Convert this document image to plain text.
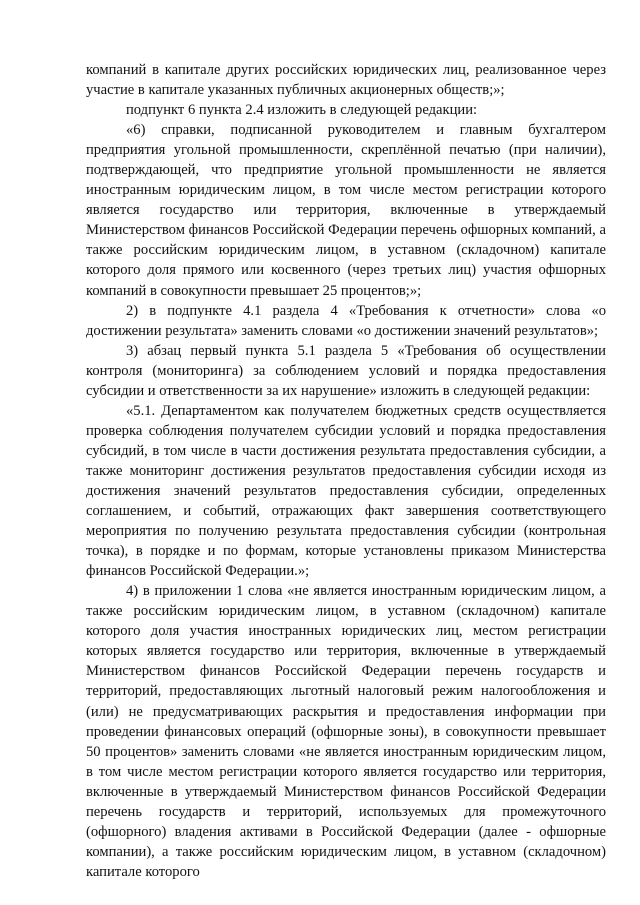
компаний в капитале других российских юридических лиц, реализованное через участие в капитале указанных публичных акционерных обществ;»;

подпункт 6 пункта 2.4 изложить в следующей редакции:

«6) справки, подписанной руководителем и главным бухгалтером предприятия угольной промышленности, скреплённой печатью (при наличии), подтверждающей, что предприятие угольной промышленности не является иностранным юридическим лицом, в том числе местом регистрации которого является государство или территория, включенные в утверждаемый Министерством финансов Российской Федерации перечень офшорных компаний, а также российским юридическим лицом, в уставном (складочном) капитале которого доля прямого или косвенного (через третьих лиц) участия офшорных компаний в совокупности превышает 25 процентов;»;

2) в подпункте 4.1 раздела 4 «Требования к отчетности» слова «о достижении результата» заменить словами «о достижении значений результатов»;

3) абзац первый пункта 5.1 раздела 5 «Требования об осуществлении контроля (мониторинга) за соблюдением условий и порядка предоставления субсидии и ответственности за их нарушение» изложить в следующей редакции:

«5.1. Департаментом как получателем бюджетных средств осуществляется проверка соблюдения получателем субсидии условий и порядка предоставления субсидий, в том числе в части достижения результата предоставления субсидии, а также мониторинг достижения результатов предоставления субсидии исходя из достижения значений результатов предоставления субсидии, определенных соглашением, и событий, отражающих факт завершения соответствующего мероприятия по получению результата предоставления субсидии (контрольная точка), в порядке и по формам, которые установлены приказом Министерства финансов Российской Федерации.»;

4) в приложении 1 слова «не является иностранным юридическим лицом, а также российским юридическим лицом, в уставном (складочном) капитале которого доля участия иностранных юридических лиц, местом регистрации которых является государство или территория, включенные в утверждаемый Министерством финансов Российской Федерации перечень государств и территорий, предоставляющих льготный налоговый режим налогообложения и (или) не предусматривающих раскрытия и предоставления информации при проведении финансовых операций (офшорные зоны), в совокупности превышает 50 процентов» заменить словами «не является иностранным юридическим лицом, в том числе местом регистрации которого является государство или территория, включенные в утверждаемый Министерством финансов Российской Федерации перечень государств и территорий, используемых для промежуточного (офшорного) владения активами в Российской Федерации (далее - офшорные компании), а также российским юридическим лицом, в уставном (складочном) капитале которого
